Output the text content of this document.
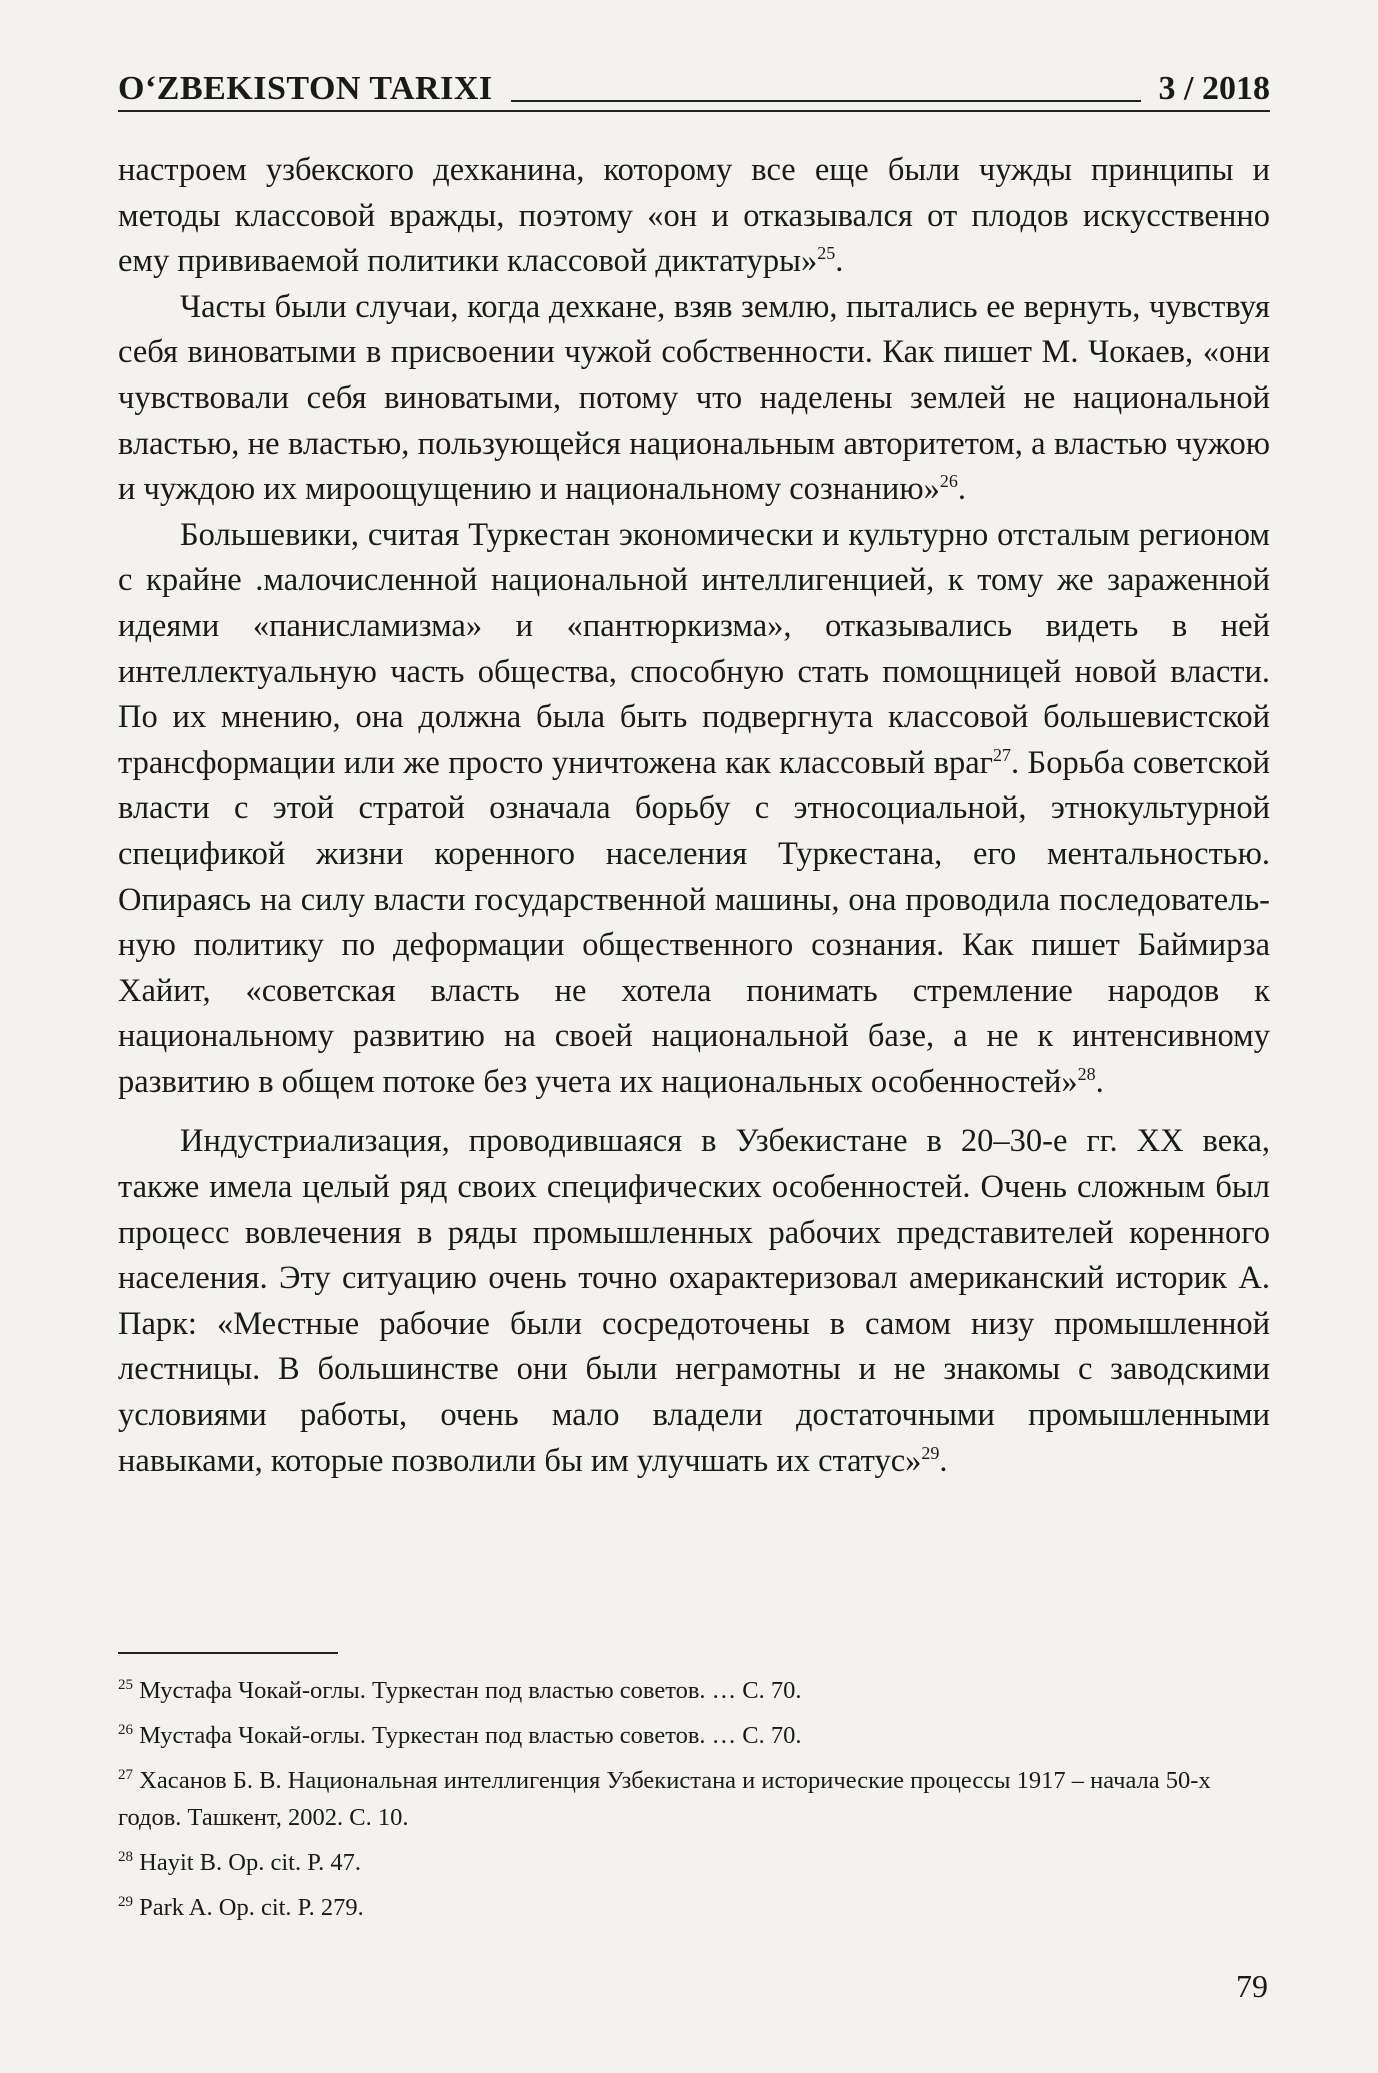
O‘ZBEKISTON TARIXI	3 / 2018

настроем узбекского дехканина, которому все еще были чужды принципы и методы классовой вражды, поэтому «он и отказывался от плодов искусственно ему прививаемой политики классовой диктатуры»$^{25}$.

Часты были случаи, когда дехкане, взяв землю, пытались ее вернуть, чувствуя себя виноватыми в присвоении чужой собственности. Как пишет М. Чокаев, «они чувствовали себя виноватыми, потому что наделены землей не национальной властью, не властью, пользующейся национальным авторитетом, а властью чужою и чуждою их мироощущению и национальному сознанию»$^{26}$.

Большевики, считая Туркестан экономически и культурно отсталым регионом с крайне .малочисленной национальной интеллигенцией, к тому же зараженной идеями «панисламизма» и «пантюркизма», отказывались видеть в ней интеллектуальную часть общества, способную стать помощницей новой власти. По их мнению, она должна была быть подвергнута классовой большевистской трансформации или же просто уничтожена как классовый враг$^{27}$. Борьба советской власти с этой стратой означала борьбу с этносоциальной, этнокультурной спецификой жизни коренного населения Туркестана, его ментальностью. Опираясь на силу власти государственной машины, она проводила последовательную политику по деформации общественного сознания. Как пишет Баймирза Хайит, «советская власть не хотела понимать стремление народов к национальному развитию на своей национальной базе, а не к интенсивному развитию в общем потоке без учета их национальных особенностей»$^{28}$.

Индустриализация, проводившаяся в Узбекистане в 20–30-е гг. XX века, также имела целый ряд своих специфических особенностей. Очень сложным был процесс вовлечения в ряды промышленных рабочих представителей коренного населения. Эту ситуацию очень точно охарактеризовал американский историк А. Парк: «Местные рабочие были сосредоточены в самом низу промышленной лестницы. В большинстве они были неграмотны и не знакомы с заводскими условиями работы, очень мало владели достаточными промышленными навыками, которые позволили бы им улучшать их статус»$^{29}$.

$^{25}$ Мустафа Чокай-оглы. Туркестан под властью советов. … С. 70.
$^{26}$ Мустафа Чокай-оглы. Туркестан под властью советов. … С. 70.
$^{27}$ Хасанов Б. В. Национальная интеллигенция Узбекистана и исторические процессы 1917 – начала 50-х годов. Ташкент, 2002. С. 10.
$^{28}$ Hayit B. Op. cit. P. 47.
$^{29}$ Park A. Op. cit. P. 279.
79
